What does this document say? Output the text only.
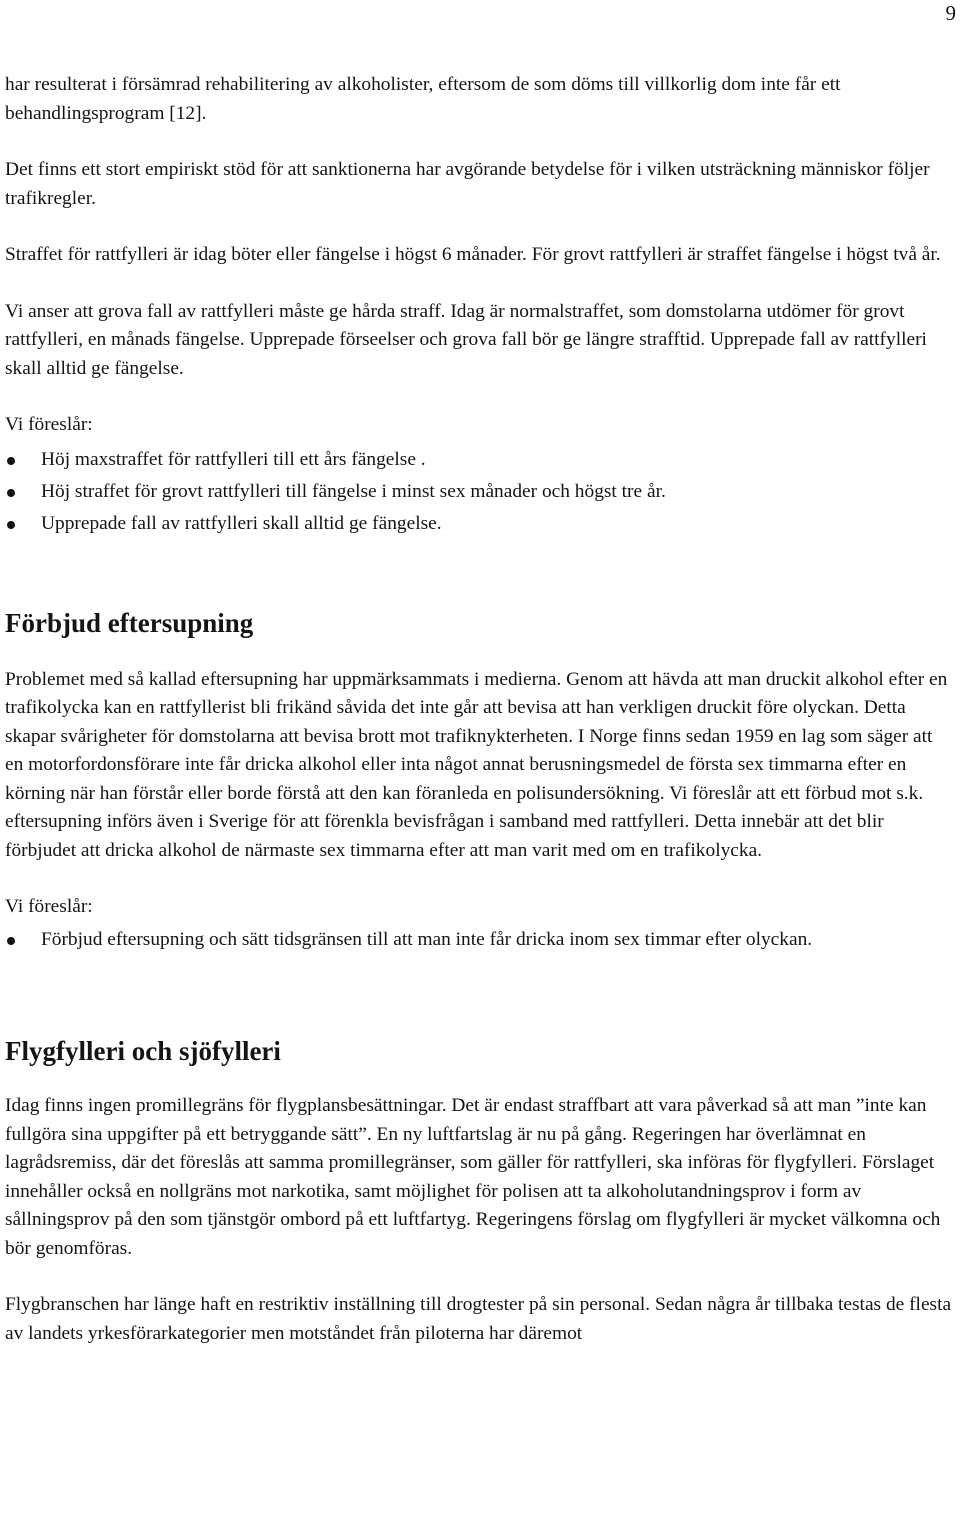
9

har resulterat i försämrad rehabilitering av alkoholister, eftersom de som döms till villkorlig dom inte får ett behandlingsprogram [12].

Det finns ett stort empiriskt stöd för att sanktionerna har avgörande betydelse för i vilken utsträckning människor följer trafikregler.

Straffet för rattfylleri är idag böter eller fängelse i högst 6 månader. För grovt rattfylleri är straffet fängelse i högst två år.

Vi anser att grova fall av rattfylleri måste ge hårda straff. Idag är normalstraffet, som domstolarna utdömer för grovt rattfylleri, en månads fängelse. Upprepade förseelser och grova fall bör ge längre strafftid. Upprepade fall av rattfylleri skall alltid ge fängelse.

Vi föreslår:

Höj maxstraffet för rattfylleri till ett års fängelse .
Höj straffet för grovt rattfylleri till fängelse i minst sex månader och högst tre år.
Upprepade fall av rattfylleri skall alltid ge fängelse.
Förbjud eftersupning

Problemet med så kallad eftersupning har uppmärksammats i medierna. Genom att hävda att man druckit alkohol efter en trafikolycka kan en rattfyllerist bli frikänd såvida det inte går att bevisa att han verkligen druckit före olyckan. Detta skapar svårigheter för domstolarna att bevisa brott mot trafiknykterheten. I Norge finns sedan 1959 en lag som säger att en motorfordonsförare inte får dricka alkohol eller inta något annat berusningsmedel de första sex timmarna efter en körning när han förstår eller borde förstå att den kan föranleda en polisundersökning. Vi föreslår att ett förbud mot s.k. eftersupning införs även i Sverige för att förenkla bevisfrågan i samband med rattfylleri. Detta innebär att det blir förbjudet att dricka alkohol de närmaste sex timmarna efter att man varit med om en trafikolycka.

Vi föreslår:

Förbjud eftersupning och sätt tidsgränsen till att man inte får dricka inom sex timmar efter olyckan.
Flygfylleri och sjöfylleri

Idag finns ingen promillegräns för flygplansbesättningar. Det är endast straffbart att vara påverkad så att man ”inte kan fullgöra sina uppgifter på ett betryggande sätt”. En ny luftfartslag är nu på gång. Regeringen har överlämnat en lagrådsremiss, där det föreslås att samma promillegränser, som gäller för rattfylleri, ska införas för flygfylleri. Förslaget innehåller också en nollgräns mot narkotika, samt möjlighet för polisen att ta alkoholutandningsprov i form av sållningsprov på den som tjänstgör ombord på ett luftfartyg. Regeringens förslag om flygfylleri är mycket välkomna och bör genomföras.

Flygbranschen har länge haft en restriktiv inställning till drogtester på sin personal. Sedan några år tillbaka testas de flesta av landets yrkesförarkategorier men motståndet från piloterna har däremot
